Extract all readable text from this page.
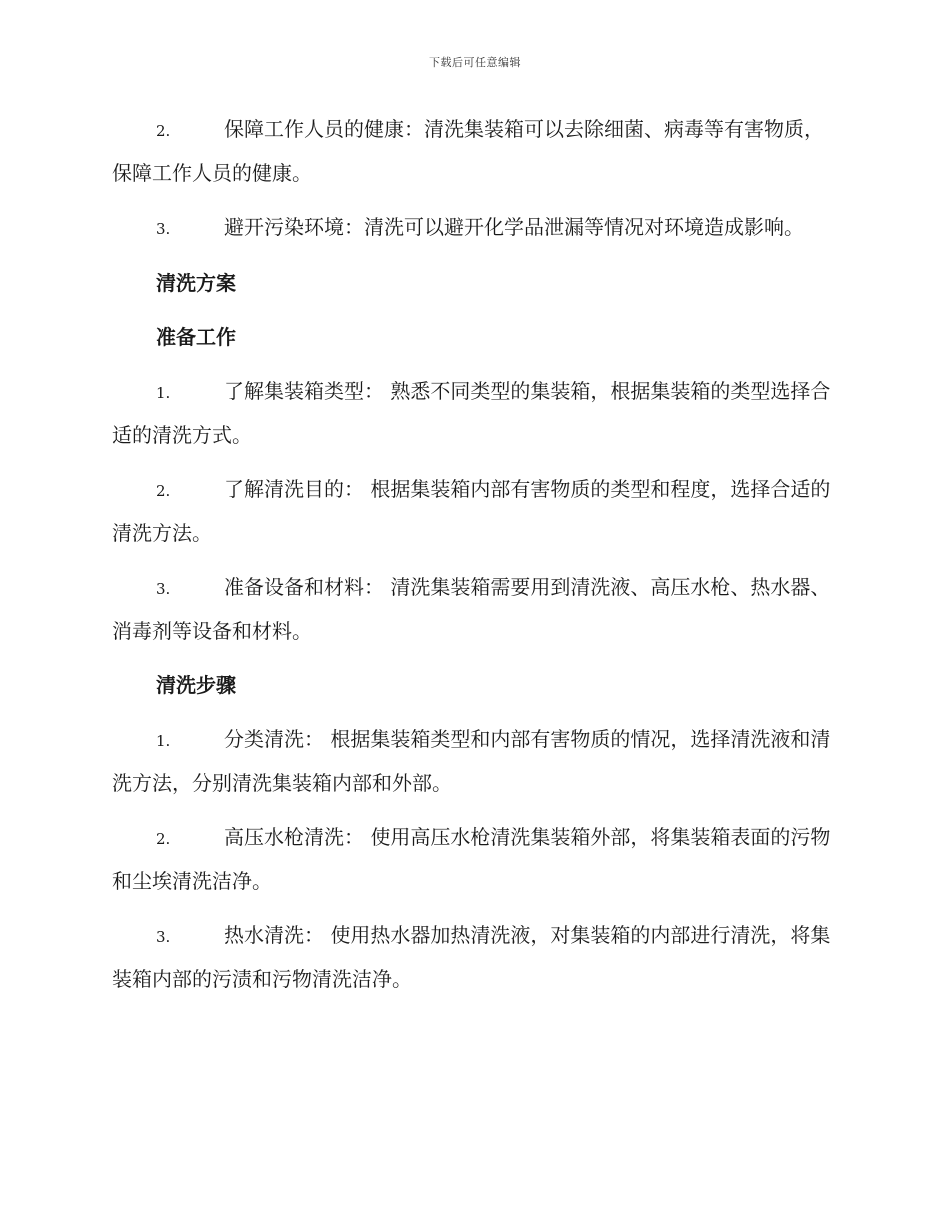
下载后可任意编辑
2.	保障工作人员的健康：清洗集装箱可以去除细菌、病毒等有害物质，保障工作人员的健康。
3.	避开污染环境：清洗可以避开化学品泄漏等情况对环境造成影响。
清洗方案
准备工作
1.	了解集装箱类型： 熟悉不同类型的集装箱，根据集装箱的类型选择合适的清洗方式。
2.	了解清洗目的： 根据集装箱内部有害物质的类型和程度，选择合适的清洗方法。
3.	准备设备和材料： 清洗集装箱需要用到清洗液、高压水枪、热水器、消毒剂等设备和材料。
清洗步骤
1.	分类清洗： 根据集装箱类型和内部有害物质的情况，选择清洗液和清洗方法，分别清洗集装箱内部和外部。
2.	高压水枪清洗： 使用高压水枪清洗集装箱外部，将集装箱表面的污物和尘埃清洗洁净。
3.	热水清洗： 使用热水器加热清洗液，对集装箱的内部进行清洗，将集装箱内部的污渍和污物清洗洁净。
